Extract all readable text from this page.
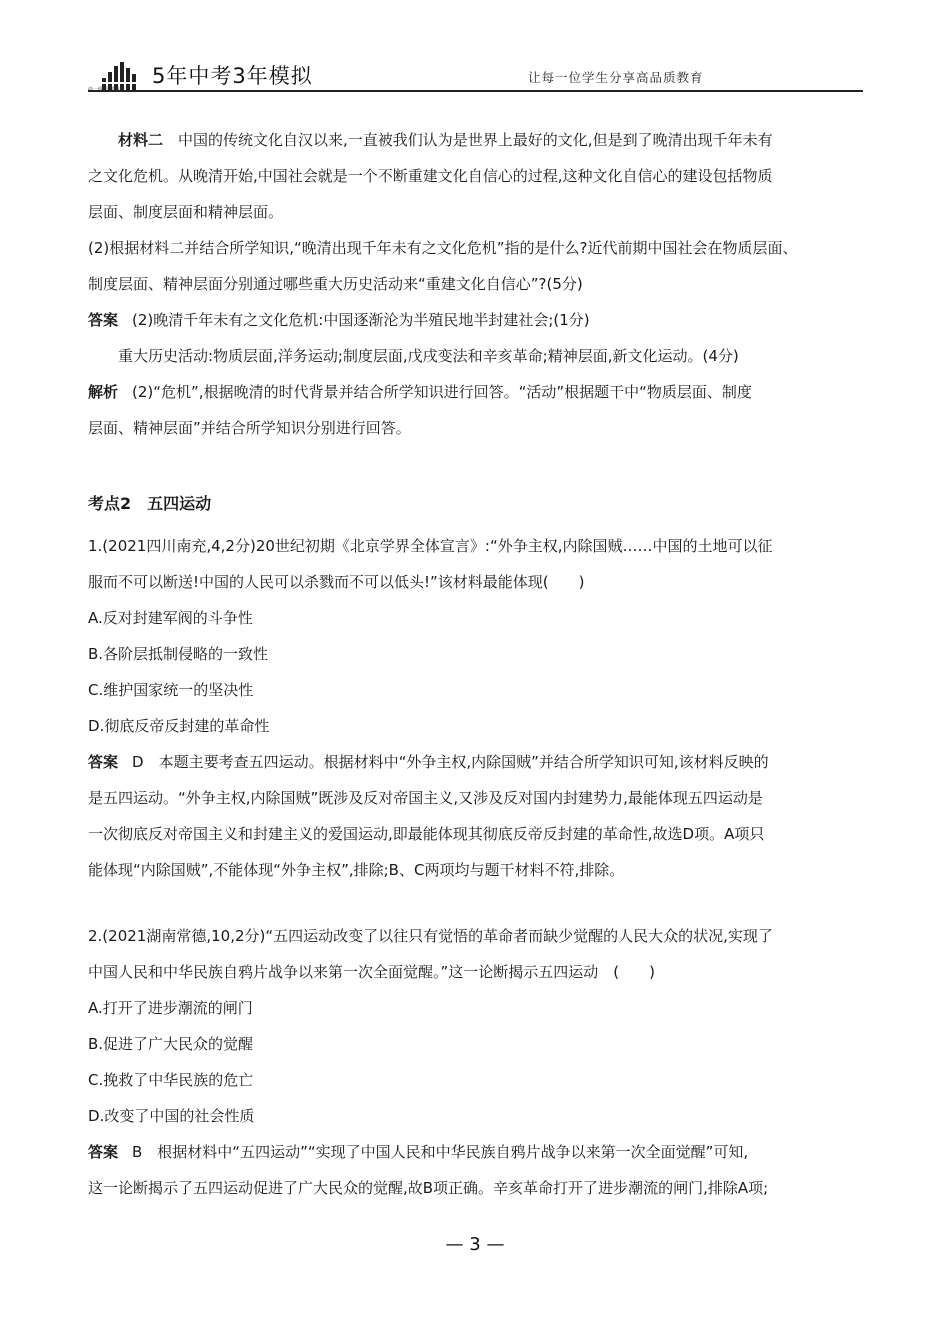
5年中考3年模拟	让每一位学生分享高品质教育

材料二　 中国的传统文化自汉以来,一直被我们认为是世界上最好的文化,但是到了晚清出现千年未有

之文化危机。从晚清开始,中国社会就是一个不断重建文化自信心的过程,这种文化自信心的建设包括物质

层面、制度层面和精神层面。

(2)根据材料二并结合所学知识,“晚清出现千年未有之文化危机”指的是什么?近代前期中国社会在物质层面、

制度层面、精神层面分别通过哪些重大历史活动来“重建文化自信心”?(5分)

答案 (2)晚清千年未有之文化危机:中国逐渐沦为半殖民地半封建社会;(1分)

重大历史活动:物质层面,洋务运动;制度层面,戊戌变法和辛亥革命;精神层面,新文化运动。(4分)

解析 (2)“危机”,根据晚清的时代背景并结合所学知识进行回答。“活动”根据题干中“物质层面、制度

层面、精神层面”并结合所学知识分别进行回答。

考点2　五四运动

1.(2021四川南充,4,2分)20世纪初期《北京学界全体宣言》:“外争主权,内除国贼……中国的土地可以征

服而不可以断送!中国的人民可以杀戮而不可以低头!”该材料最能体现(　　)

A.反对封建军阀的斗争性

B.各阶层抵制侵略的一致性

C.维护国家统一的坚决性

D.彻底反帝反封建的革命性

答案 D　本题主要考查五四运动。根据材料中“外争主权,内除国贼”并结合所学知识可知,该材料反映的

是五四运动。“外争主权,内除国贼”既涉及反对帝国主义,又涉及反对国内封建势力,最能体现五四运动是

一次彻底反对帝国主义和封建主义的爱国运动,即最能体现其彻底反帝反封建的革命性,故选D项。A项只

能体现“内除国贼”,不能体现“外争主权”,排除;B、C两项均与题干材料不符,排除。

2.(2021湖南常德,10,2分)“五四运动改变了以往只有觉悟的革命者而缺少觉醒的人民大众的状况,实现了

中国人民和中华民族自鸦片战争以来第一次全面觉醒。”这一论断揭示五四运动　(　　)

A.打开了进步潮流的闸门

B.促进了广大民众的觉醒

C.挽救了中华民族的危亡

D.改变了中国的社会性质

答案 B　根据材料中“五四运动”“实现了中国人民和中华民族自鸦片战争以来第一次全面觉醒”可知,

这一论断揭示了五四运动促进了广大民众的觉醒,故B项正确。辛亥革命打开了进步潮流的闸门,排除A项;

— 3 —
